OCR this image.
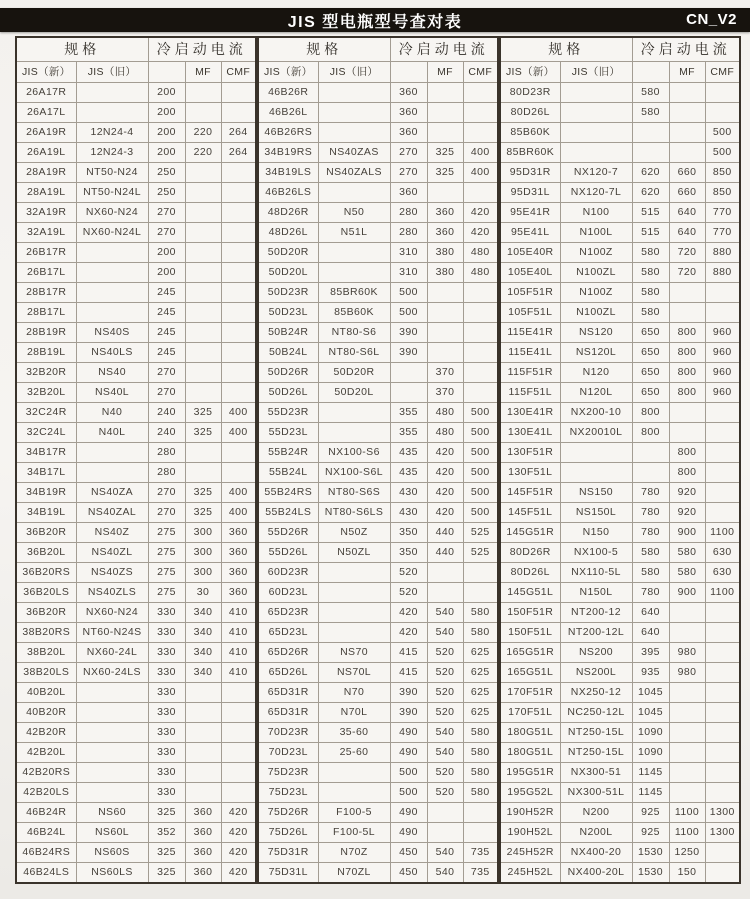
JIS 型电瓶型号查对表	CN_V2
规格		冷启动电流		
JIS（新）	JIS（旧）		MF	CMF
26A17R		200		
26A17L		200		
26A19R	12N24-4	200	220	264
26A19L	12N24-3	200	220	264
28A19R	NT50-N24	250		
28A19L	NT50-N24L	250		
32A19R	NX60-N24	270		
32A19L	NX60-N24L	270		
26B17R		200		
26B17L		200		
28B17R		245		
28B17L		245		
28B19R	NS40S	245		
28B19L	NS40LS	245		
32B20R	NS40	270		
32B20L	NS40L	270		
32C24R	N40	240	325	400
32C24L	N40L	240	325	400
34B17R		280		
34B17L		280		
34B19R	NS40ZA	270	325	400
34B19L	NS40ZAL	270	325	400
36B20R	NS40Z	275	300	360
36B20L	NS40ZL	275	300	360
36B20RS	NS40ZS	275	300	360
36B20LS	NS40ZLS	275	30	360
36B20R	NX60-N24	330	340	410
38B20RS	NT60-N24S	330	340	410
38B20L	NX60-24L	330	340	410
38B20LS	NX60-24LS	330	340	410
40B20L		330		
40B20R		330		
42B20R		330		
42B20L		330		
42B20RS		330		
42B20LS		330		
46B24R	NS60	325	360	420
46B24L	NS60L	352	360	420
46B24RS	NS60S	325	360	420
46B24LS	NS60LS	325	360	420
规格		冷启动电流		
JIS（新）	JIS（旧）		MF	CMF
46B26R		360		
46B26L		360		
46B26RS		360		
34B19RS	NS40ZAS	270	325	400
34B19LS	NS40ZALS	270	325	400
46B26LS		360		
48D26R	N50	280	360	420
48D26L	N51L	280	360	420
50D20R		310	380	480
50D20L		310	380	480
50D23R	85BR60K	500		
50D23L	85B60K	500		
50B24R	NT80-S6	390		
50B24L	NT80-S6L	390		
50D26R	50D20R		370	
50D26L	50D20L		370	
55D23R		355	480	500
55D23L		355	480	500
55B24R	NX100-S6	435	420	500
55B24L	NX100-S6L	435	420	500
55B24RS	NT80-S6S	430	420	500
55B24LS	NT80-S6LS	430	420	500
55D26R	N50Z	350	440	525
55D26L	N50ZL	350	440	525
60D23R		520		
60D23L		520		
65D23R		420	540	580
65D23L		420	540	580
65D26R	NS70	415	520	625
65D26L	NS70L	415	520	625
65D31R	N70	390	520	625
65D31R	N70L	390	520	625
70D23R	35-60	490	540	580
70D23L	25-60	490	540	580
75D23R		500	520	580
75D23L		500	520	580
75D26R	F100-5	490		
75D26L	F100-5L	490		
75D31R	N70Z	450	540	735
75D31L	N70ZL	450	540	735
规格		冷启动电流		
JIS（新）	JIS（旧）		MF	CMF
80D23R		580		
80D26L		580		
85B60K				500
85BR60K				500
95D31R	NX120-7	620	660	850
95D31L	NX120-7L	620	660	850
95E41R	N100	515	640	770
95E41L	N100L	515	640	770
105E40R	N100Z	580	720	880
105E40L	N100ZL	580	720	880
105F51R	N100Z	580		
105F51L	N100ZL	580		
115E41R	NS120	650	800	960
115E41L	NS120L	650	800	960
115F51R	N120	650	800	960
115F51L	N120L	650	800	960
130E41R	NX200-10	800		
130E41L	NX20010L	800		
130F51R			800	
130F51L			800	
145F51R	NS150	780	920	
145F51L	NS150L	780	920	
145G51R	N150	780	900	1100
80D26R	NX100-5	580	580	630
80D26L	NX110-5L	580	580	630
145G51L	N150L	780	900	1100
150F51R	NT200-12	640		
150F51L	NT200-12L	640		
165G51R	NS200	395	980	
165G51L	NS200L	935	980	
170F51R	NX250-12	1045		
170F51L	NC250-12L	1045		
180G51L	NT250-15L	1090		
180G51L	NT250-15L	1090		
195G51R	NX300-51	1145		
195G52L	NX300-51L	1145		
190H52R	N200	925	1100	1300
190H52L	N200L	925	1100	1300
245H52R	NX400-20	1530	1250	
245H52L	NX400-20L	1530	150	
